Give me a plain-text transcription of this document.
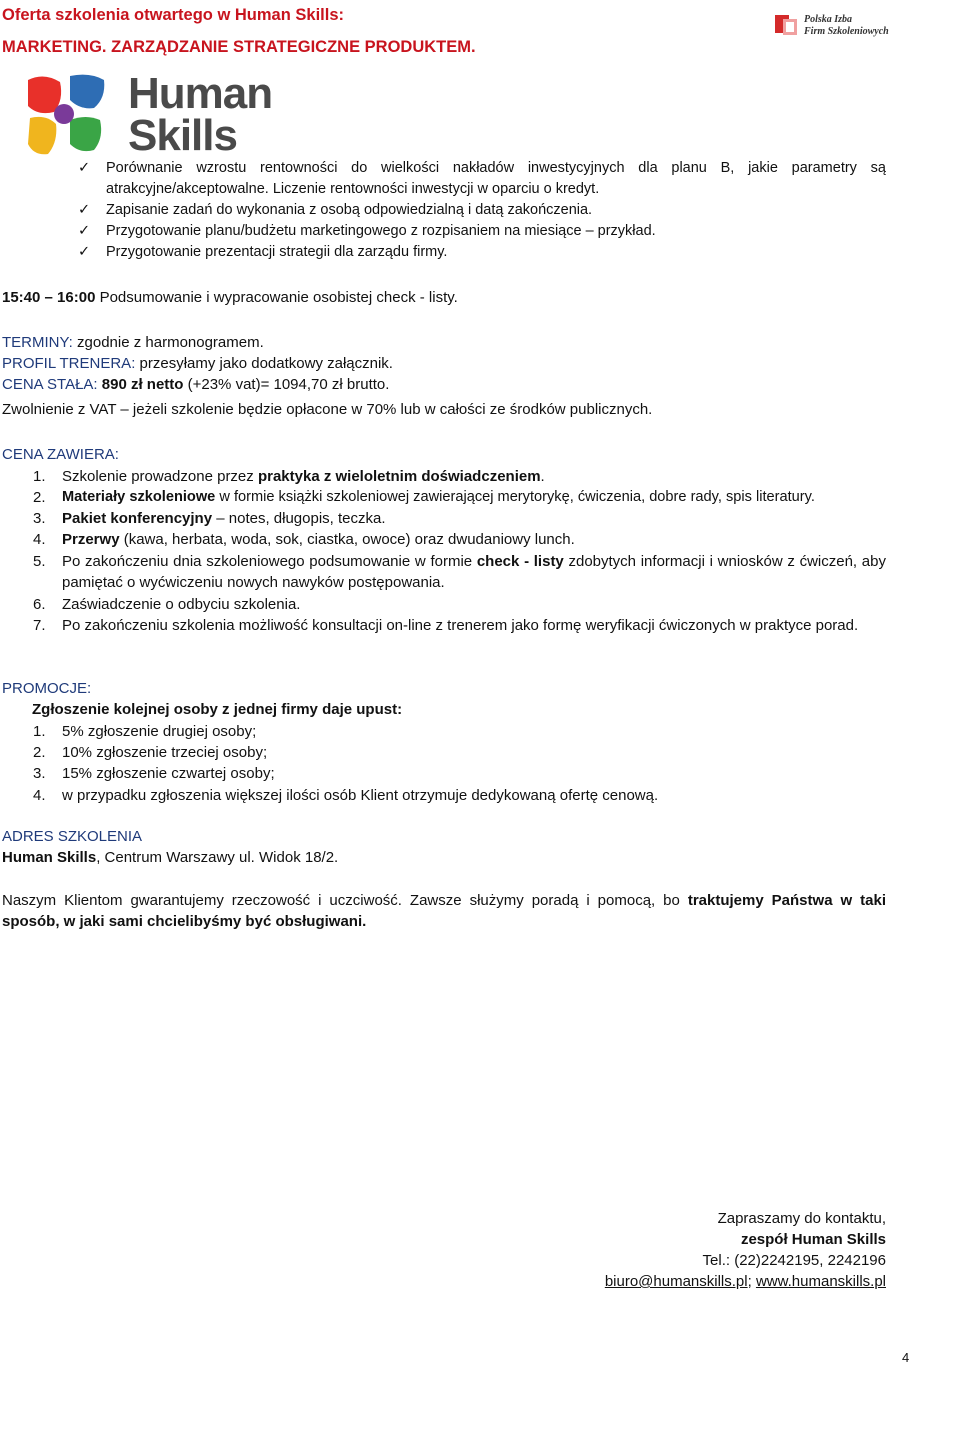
Oferta szkolenia otwartego w Human Skills:
MARKETING. ZARZĄDZANIE STRATEGICZNE PRODUKTEM.
Polska Izba
Firm Szkoleniowych
Human
Skills
✓ Porównanie wzrostu rentowności do wielkości nakładów inwestycyjnych dla planu B, jakie parametry są
atrakcyjne/akceptowalne. Liczenie rentowności inwestycji w oparciu o kredyt.
✓ Zapisanie zadań do wykonania z osobą odpowiedzialną i datą zakończenia.
✓ Przygotowanie planu/budżetu marketingowego z rozpisaniem na miesiące – przykład.
✓ Przygotowanie prezentacji strategii dla zarządu firmy.
15:40 – 16:00 Podsumowanie i wypracowanie osobistej check - listy.
TERMINY: zgodnie z harmonogramem.
PROFIL TRENERA: przesyłamy jako dodatkowy załącznik.
CENA STAŁA: 890 zł netto (+23% vat)= 1094,70 zł brutto.
Zwolnienie z VAT – jeżeli szkolenie będzie opłacone w 70% lub w całości ze środków publicznych.
CENA ZAWIERA:
1.	Szkolenie prowadzone przez praktyka z wieloletnim doświadczeniem.
2.	Materiały szkoleniowe w formie książki szkoleniowej zawierającej merytorykę, ćwiczenia, dobre rady, spis literatury.
3.	Pakiet konferencyjny – notes, długopis, teczka.
4.	Przerwy (kawa, herbata, woda, sok, ciastka, owoce) oraz dwudaniowy lunch.
5.	Po zakończeniu dnia szkoleniowego podsumowanie w formie check - listy zdobytych informacji i wniosków z ćwiczeń, aby pamiętać o wyćwiczeniu nowych nawyków postępowania.
6.	Zaświadczenie o odbyciu szkolenia.
7.	Po zakończeniu szkolenia możliwość konsultacji on-line z trenerem jako formę weryfikacji ćwiczonych w praktyce porad.
PROMOCJE:
Zgłoszenie kolejnej osoby z jednej firmy daje upust:
1.	5% zgłoszenie drugiej osoby;
2.	10% zgłoszenie trzeciej osoby;
3.	15% zgłoszenie czwartej osoby;
4.	w przypadku zgłoszenia większej ilości osób Klient otrzymuje dedykowaną ofertę cenową.
ADRES SZKOLENIA
Human Skills, Centrum Warszawy ul. Widok 18/2.
Naszym Klientom gwarantujemy rzeczowość i uczciwość. Zawsze służymy poradą i pomocą, bo traktujemy Państwa w taki sposób, w jaki sami chcielibyśmy być obsługiwani.
Zapraszamy do kontaktu,
zespół Human Skills
Tel.: (22)2242195, 2242196
biuro@humanskills.pl; www.humanskills.pl
4
